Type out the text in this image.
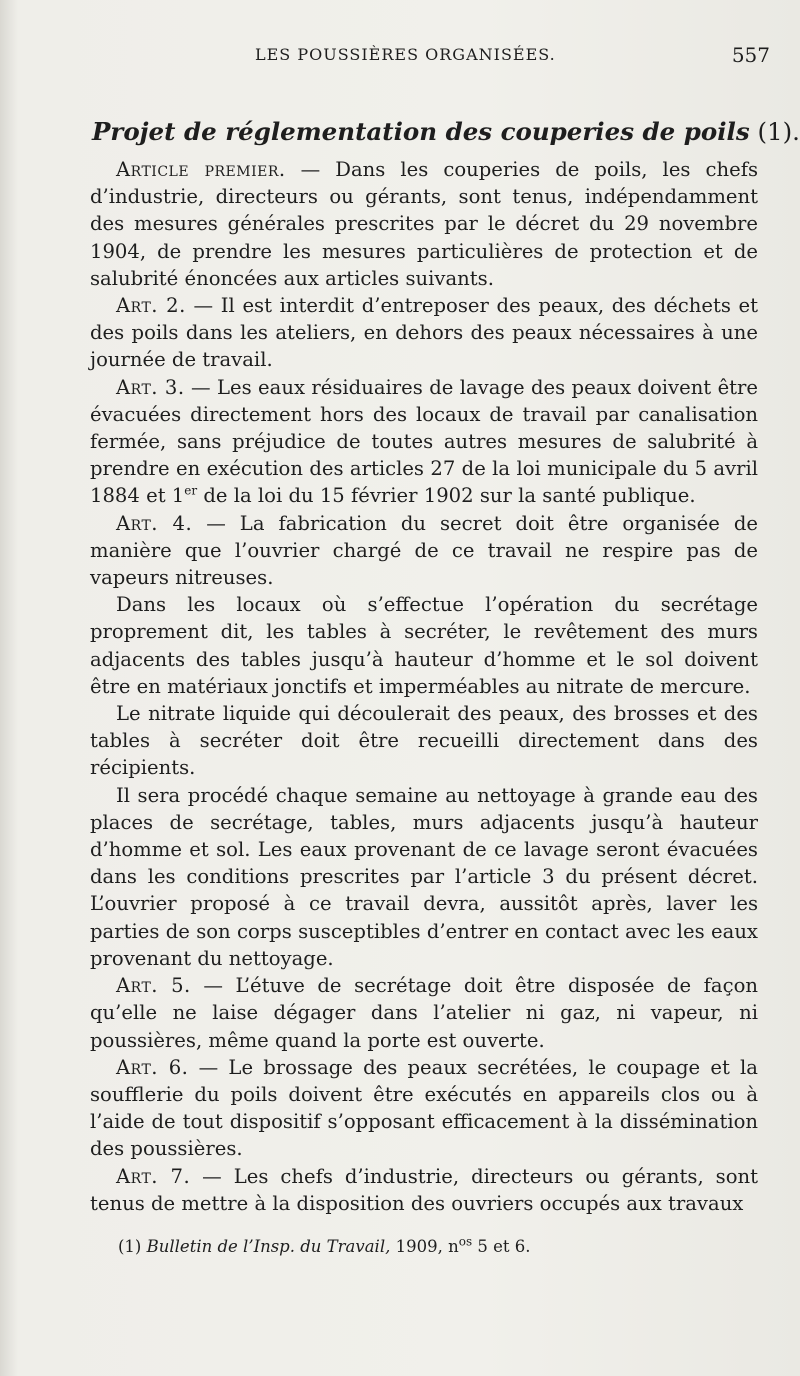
LES POUSSIÈRES ORGANISÉES.	557
Projet de réglementation des couperies de poils (1).

Article premier. — Dans les couperies de poils, les chefs d’industrie, directeurs ou gérants, sont tenus, indépendamment des mesures générales prescrites par le décret du 29 novembre 1904, de prendre les mesures particulières de protection et de salubrité énoncées aux articles suivants.

Art. 2. — Il est interdit d’entreposer des peaux, des déchets et des poils dans les ateliers, en dehors des peaux nécessaires à une journée de travail.

Art. 3. — Les eaux résiduaires de lavage des peaux doivent être évacuées directement hors des locaux de travail par canalisation fermée, sans préjudice de toutes autres mesures de salubrité à prendre en exécution des articles 27 de la loi municipale du 5 avril 1884 et 1er de la loi du 15 février 1902 sur la santé publique.

Art. 4. — La fabrication du secret doit être organisée de manière que l’ouvrier chargé de ce travail ne respire pas de vapeurs nitreuses.

Dans les locaux où s’effectue l’opération du secrétage proprement dit, les tables à secréter, le revêtement des murs adjacents des tables jusqu’à hauteur d’homme et le sol doivent être en matériaux jonctifs et imperméables au nitrate de mercure.

Le nitrate liquide qui découlerait des peaux, des brosses et des tables à secréter doit être recueilli directement dans des récipients.

Il sera procédé chaque semaine au nettoyage à grande eau des places de secrétage, tables, murs adjacents jusqu’à hauteur d’homme et sol. Les eaux provenant de ce lavage seront évacuées dans les conditions prescrites par l’article 3 du présent décret. L’ouvrier proposé à ce travail devra, aussitôt après, laver les parties de son corps susceptibles d’entrer en contact avec les eaux provenant du nettoyage.

Art. 5. — L’étuve de secrétage doit être disposée de façon qu’elle ne laise dégager dans l’atelier ni gaz, ni vapeur, ni poussières, même quand la porte est ouverte.

Art. 6. — Le brossage des peaux secrétées, le coupage et la soufflerie du poils doivent être exécutés en appareils clos ou à l’aide de tout dispositif s’opposant efficacement à la dissémination des poussières.

Art. 7. — Les chefs d’industrie, directeurs ou gérants, sont tenus de mettre à la disposition des ouvriers occupés aux travaux

(1) Bulletin de l’Insp. du Travail, 1909, $n^{os}$ 5 et 6.
